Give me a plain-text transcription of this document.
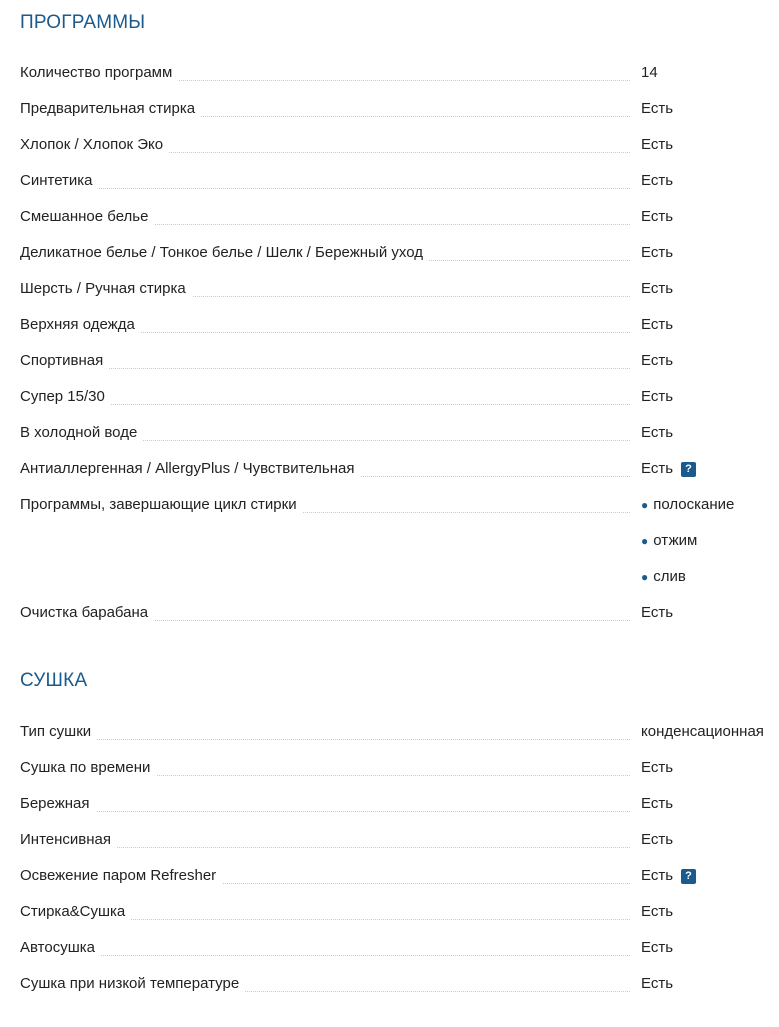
ПРОГРАММЫ
Количество программ	14
Предварительная стирка	Есть
Хлопок / Хлопок Эко	Есть
Синтетика	Есть
Смешанное белье	Есть
Деликатное белье / Тонкое белье / Шелк / Бережный уход	Есть
Шерсть / Ручная стирка	Есть
Верхняя одежда	Есть
Спортивная	Есть
Супер 15/30	Есть
В холодной воде	Есть
Антиаллергенная / AllergyPlus / Чувствительная	Есть	?
Программы, завершающие цикл стирки	● полоскание
● отжим
● слив
Очистка барабана	Есть
СУШКА
Тип сушки	конденсационная
Сушка по времени	Есть
Бережная	Есть
Интенсивная	Есть
Освежение паром Refresher	Есть	?
Стирка&Сушка	Есть
Автосушка	Есть
Сушка при низкой температуре	Есть
